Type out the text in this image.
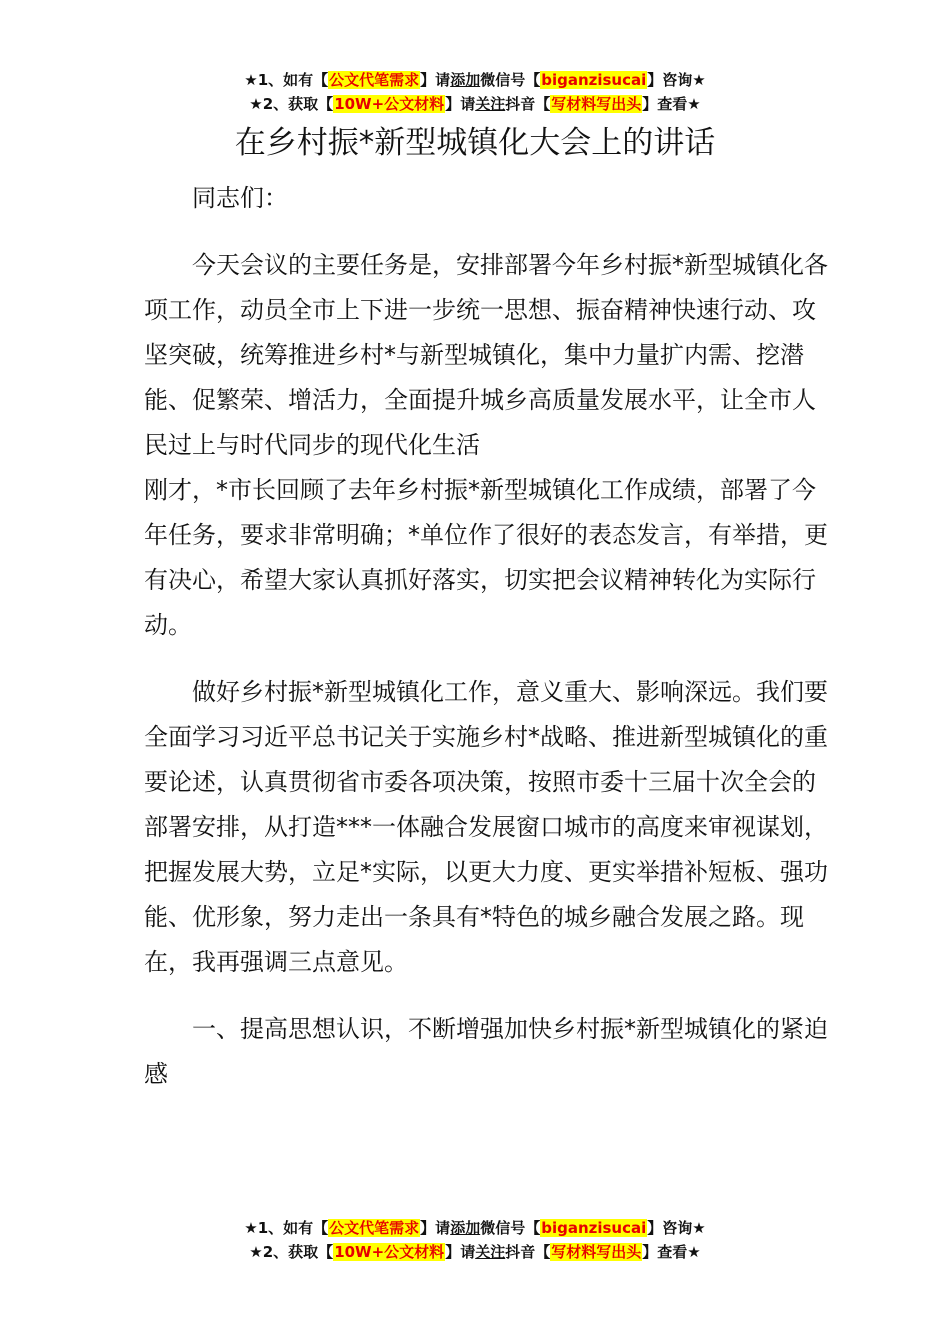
★1、如有【公文代笔需求】请添加微信号【biganzisucai】咨询★
★2、获取【10W+公文材料】请关注抖音【写材料写出头】查看★
在乡村振*新型城镇化大会上的讲话

同志们：

今天会议的主要任务是，安排部署今年乡村振*新型城镇化各项工作，动员全市上下进一步统一思想、振奋精神快速行动、攻坚突破，统筹推进乡村*与新型城镇化，集中力量扩内需、挖潜能、促繁荣、增活力，全面提升城乡高质量发展水平，让全市人民过上与时代同步的现代化生活

刚才，*市长回顾了去年乡村振*新型城镇化工作成绩，部署了今年任务，要求非常明确；*单位作了很好的表态发言，有举措，更有决心，希望大家认真抓好落实，切实把会议精神转化为实际行动。

做好乡村振*新型城镇化工作，意义重大、影响深远。我们要全面学习习近平总书记关于实施乡村*战略、推进新型城镇化的重要论述，认真贯彻省市委各项决策，按照市委十三届十次全会的部署安排，从打造***一体融合发展窗口城市的高度来审视谋划，把握发展大势，立足*实际，以更大力度、更实举措补短板、强功能、优形象，努力走出一条具有*特色的城乡融合发展之路。现在，我再强调三点意见。

一、提高思想认识，不断增强加快乡村振*新型城镇化的紧迫感

★1、如有【公文代笔需求】请添加微信号【biganzisucai】咨询★
★2、获取【10W+公文材料】请关注抖音【写材料写出头】查看★
